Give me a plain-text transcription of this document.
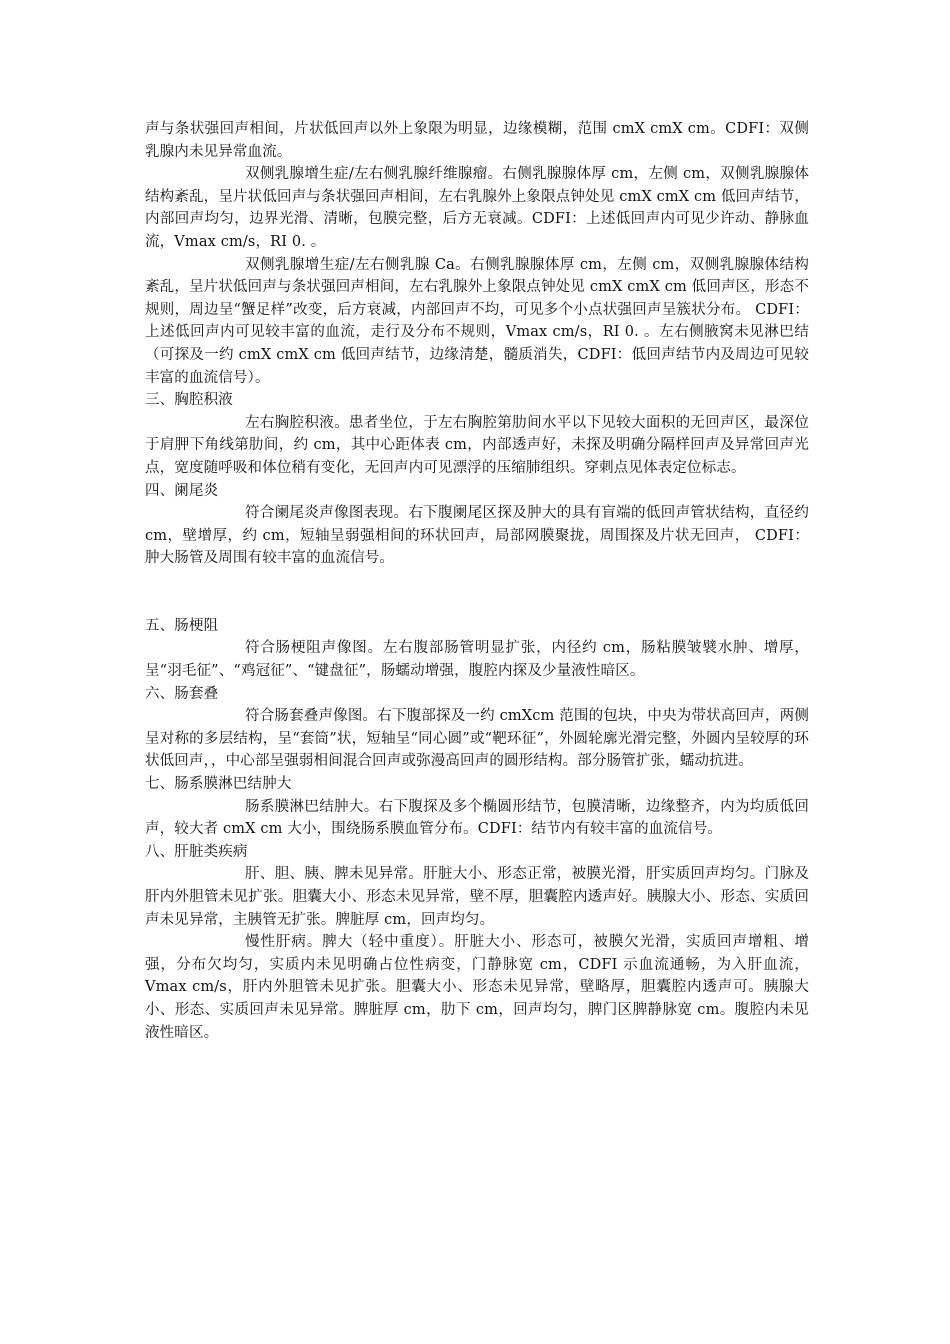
声与条状强回声相间，片状低回声以外上象限为明显，边缘模糊，范围 cmX cmX cm。CDFI：双侧乳腺内未见异常血流。

双侧乳腺增生症/左右侧乳腺纤维腺瘤。右侧乳腺腺体厚 cm，左侧 cm，双侧乳腺腺体结构紊乱，呈片状低回声与条状强回声相间，左右乳腺外上象限点钟处见 cmX cmX cm 低回声结节，内部回声均匀，边界光滑、清晰，包膜完整，后方无衰减。CDFI：上述低回声内可见少许动、静脉血流，Vmax cm/s，RI 0. 。

双侧乳腺增生症/左右侧乳腺 Ca。右侧乳腺腺体厚 cm，左侧 cm，双侧乳腺腺体结构紊乱，呈片状低回声与条状强回声相间，左右乳腺外上象限点钟处见 cmX cmX cm 低回声区，形态不规则，周边呈“蟹足样”改变，后方衰减，内部回声不均，可见多个小点状强回声呈簇状分布。 CDFI：上述低回声内可见较丰富的血流，走行及分布不规则，Vmax cm/s，RI 0. 。左右侧腋窝未见淋巴结（可探及一约 cmX cmX cm 低回声结节，边缘清楚，髓质消失，CDFI：低回声结节内及周边可见较丰富的血流信号）。

三、胸腔积液

左右胸腔积液。患者坐位，于左右胸腔第肋间水平以下见较大面积的无回声区，最深位于肩胛下角线第肋间，约 cm，其中心距体表 cm，内部透声好，未探及明确分隔样回声及异常回声光点，宽度随呼吸和体位稍有变化，无回声内可见漂浮的压缩肺组织。穿刺点见体表定位标志。

四、阑尾炎

符合阑尾炎声像图表现。右下腹阑尾区探及肿大的具有盲端的低回声管状结构，直径约 cm，壁增厚，约 cm，短轴呈弱强相间的环状回声，局部网膜聚拢，周围探及片状无回声， CDFI：肿大肠管及周围有较丰富的血流信号。

五、肠梗阻

符合肠梗阻声像图。左右腹部肠管明显扩张，内径约 cm，肠粘膜皱襞水肿、增厚，呈“羽毛征”、“鸡冠征”、“键盘征”，肠蠕动增强，腹腔内探及少量液性暗区。

六、肠套叠

符合肠套叠声像图。右下腹部探及一约 cmXcm 范围的包块，中央为带状高回声，两侧呈对称的多层结构，呈“套筒”状，短轴呈“同心圆”或“靶环征”，外圆轮廓光滑完整，外圆内呈较厚的环状低回声，，中心部呈强弱相间混合回声或弥漫高回声的圆形结构。部分肠管扩张，蠕动抗进。

七、肠系膜淋巴结肿大

肠系膜淋巴结肿大。右下腹探及多个椭圆形结节，包膜清晰，边缘整齐，内为均质低回声，较大者 cmX cm 大小，围绕肠系膜血管分布。CDFI：结节内有较丰富的血流信号。

八、肝脏类疾病

肝、胆、胰、脾未见异常。肝脏大小、形态正常，被膜光滑，肝实质回声均匀。门脉及肝内外胆管未见扩张。胆囊大小、形态未见异常，壁不厚，胆囊腔内透声好。胰腺大小、形态、实质回声未见异常，主胰管无扩张。脾脏厚 cm，回声均匀。

慢性肝病。脾大（轻中重度）。肝脏大小、形态可，被膜欠光滑，实质回声增粗、增强，分布欠均匀，实质内未见明确占位性病变，门静脉宽 cm，CDFI 示血流通畅，为入肝血流，Vmax cm/s，肝内外胆管未见扩张。胆囊大小、形态未见异常，壁略厚，胆囊腔内透声可。胰腺大小、形态、实质回声未见异常。脾脏厚 cm，肋下 cm，回声均匀，脾门区脾静脉宽 cm。腹腔内未见液性暗区。
